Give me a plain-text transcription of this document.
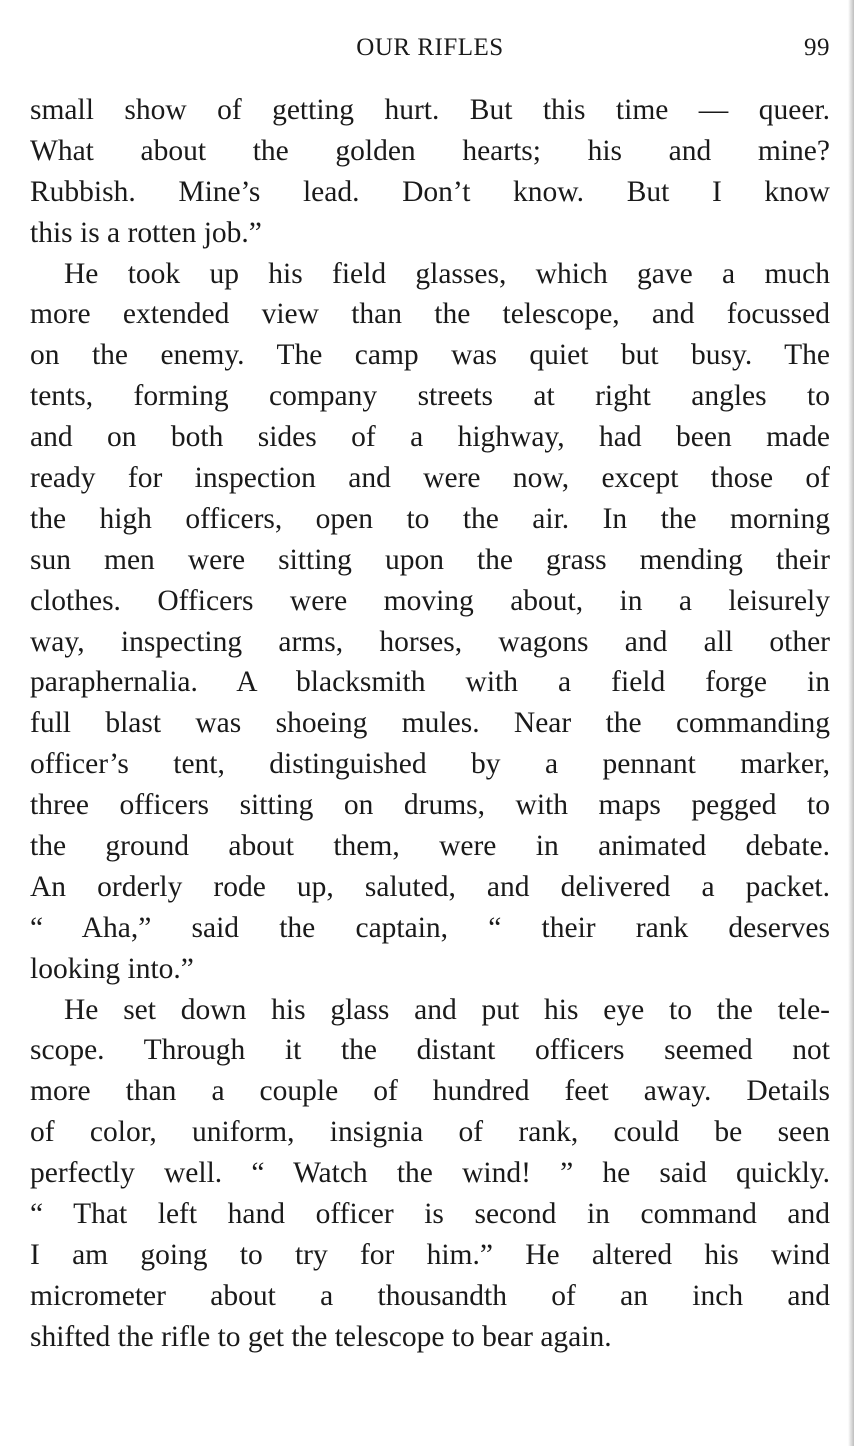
OUR RIFLES	99
small show of getting hurt. But this time — queer.
What about the golden hearts; his and mine?
Rubbish. Mine’s lead. Don’t know. But I know
this is a rotten job.”
He took up his field glasses, which gave a much
more extended view than the telescope, and focussed
on the enemy. The camp was quiet but busy. The
tents, forming company streets at right angles to
and on both sides of a highway, had been made
ready for inspection and were now, except those of
the high officers, open to the air. In the morning
sun men were sitting upon the grass mending their
clothes. Officers were moving about, in a leisurely
way, inspecting arms, horses, wagons and all other
paraphernalia. A blacksmith with a field forge in
full blast was shoeing mules. Near the commanding
officer’s tent, distinguished by a pennant marker,
three officers sitting on drums, with maps pegged to
the ground about them, were in animated debate.
An orderly rode up, saluted, and delivered a packet.
“ Aha,” said the captain, “ their rank deserves
looking into.”
He set down his glass and put his eye to the tele-
scope. Through it the distant officers seemed not
more than a couple of hundred feet away. Details
of color, uniform, insignia of rank, could be seen
perfectly well. “ Watch the wind! ” he said quickly.
“ That left hand officer is second in command and
I am going to try for him.” He altered his wind
micrometer about a thousandth of an inch and
shifted the rifle to get the telescope to bear again.
